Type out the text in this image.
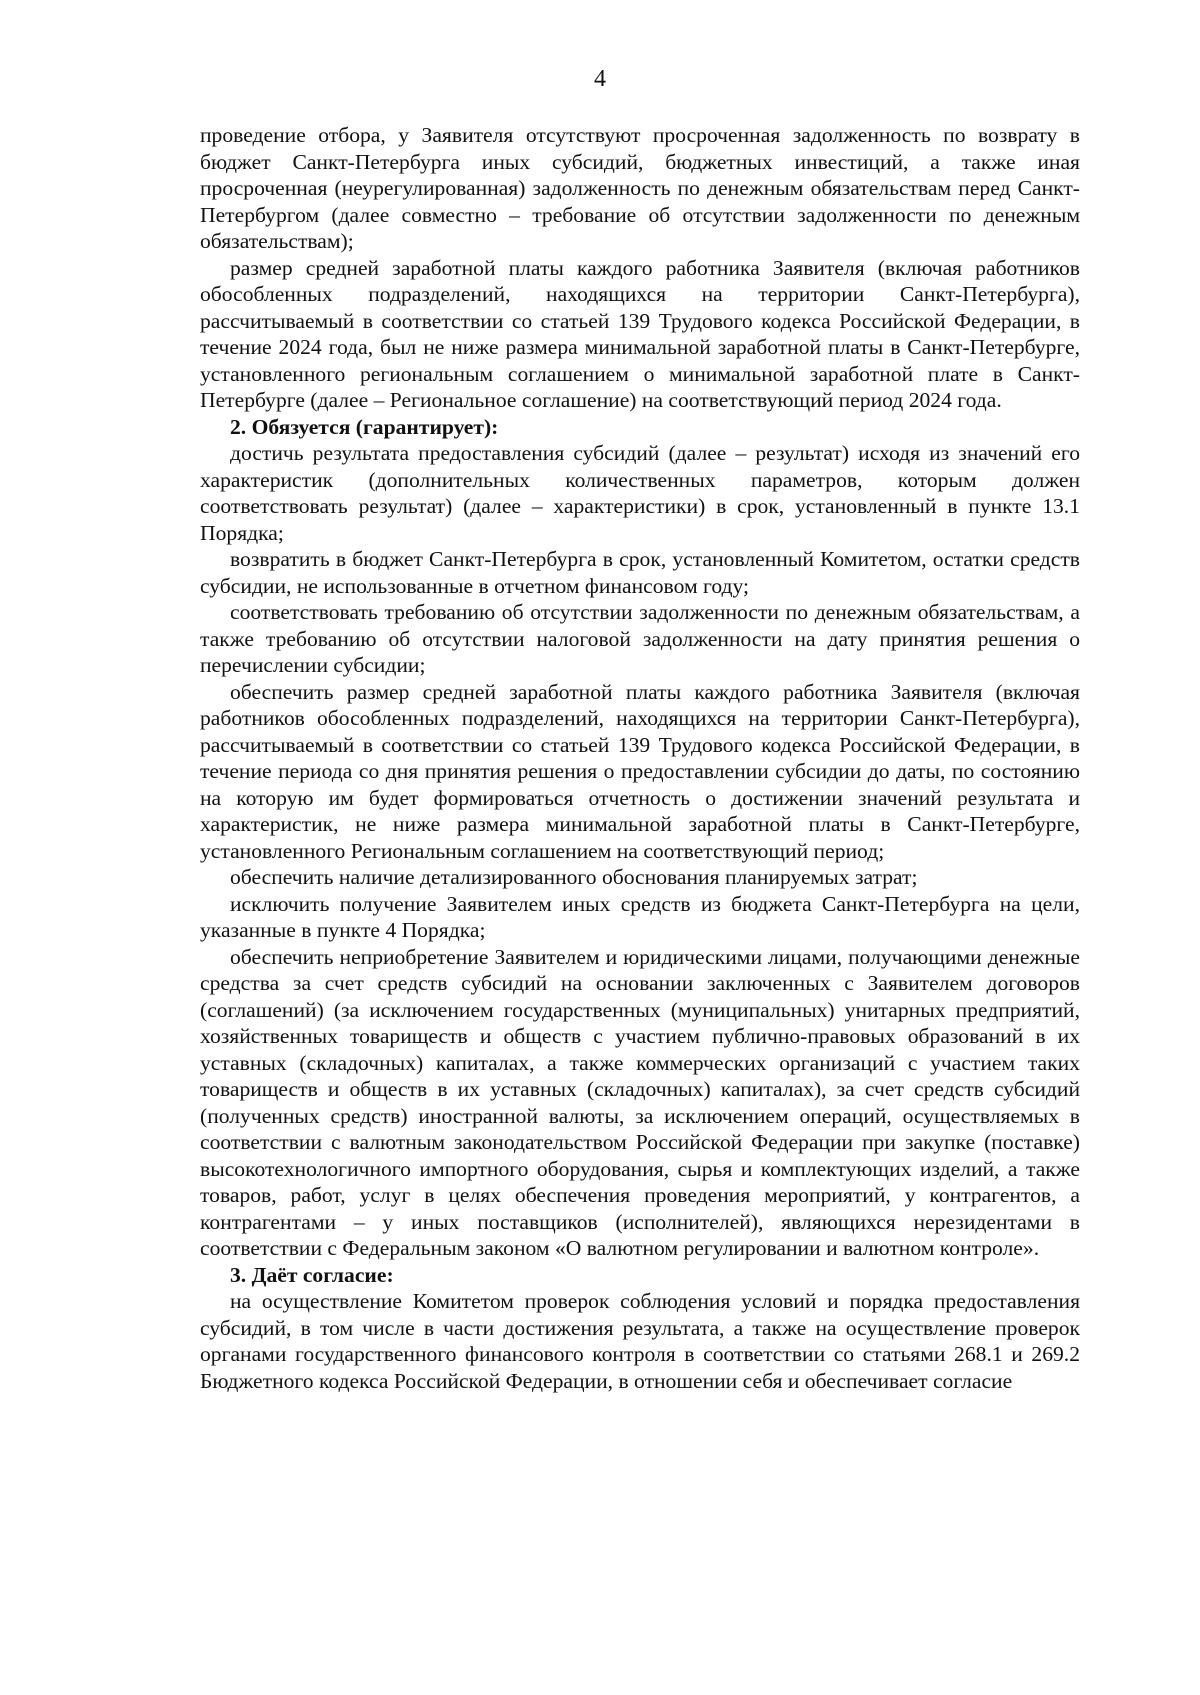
4

проведение отбора, у Заявителя отсутствуют просроченная задолженность по возврату в бюджет Санкт-Петербурга иных субсидий, бюджетных инвестиций, а также иная просроченная (неурегулированная) задолженность по денежным обязательствам перед Санкт-Петербургом (далее совместно – требование об отсутствии задолженности по денежным обязательствам);

размер средней заработной платы каждого работника Заявителя (включая работников обособленных подразделений, находящихся на территории Санкт-Петербурга), рассчитываемый в соответствии со статьей 139 Трудового кодекса Российской Федерации, в течение 2024 года, был не ниже размера минимальной заработной платы в Санкт-Петербурге, установленного региональным соглашением о минимальной заработной плате в Санкт-Петербурге (далее – Региональное соглашение) на соответствующий период 2024 года.

2. Обязуется (гарантирует):

достичь результата предоставления субсидий (далее – результат) исходя из значений его характеристик (дополнительных количественных параметров, которым должен соответствовать результат) (далее – характеристики) в срок, установленный в пункте 13.1 Порядка;

возвратить в бюджет Санкт-Петербурга в срок, установленный Комитетом, остатки средств субсидии, не использованные в отчетном финансовом году;

соответствовать требованию об отсутствии задолженности по денежным обязательствам, а также требованию об отсутствии налоговой задолженности на дату принятия решения о перечислении субсидии;

обеспечить размер средней заработной платы каждого работника Заявителя (включая работников обособленных подразделений, находящихся на территории Санкт-Петербурга), рассчитываемый в соответствии со статьей 139 Трудового кодекса Российской Федерации, в течение периода со дня принятия решения о предоставлении субсидии до даты, по состоянию на которую им будет формироваться отчетность о достижении значений результата и характеристик, не ниже размера минимальной заработной платы в Санкт-Петербурге, установленного Региональным соглашением на соответствующий период;

обеспечить наличие детализированного обоснования планируемых затрат;

исключить получение Заявителем иных средств из бюджета Санкт-Петербурга на цели, указанные в пункте 4 Порядка;

обеспечить неприобретение Заявителем и юридическими лицами, получающими денежные средства за счет средств субсидий на основании заключенных с Заявителем договоров (соглашений) (за исключением государственных (муниципальных) унитарных предприятий, хозяйственных товариществ и обществ с участием публично-правовых образований в их уставных (складочных) капиталах, а также коммерческих организаций с участием таких товариществ и обществ в их уставных (складочных) капиталах), за счет средств субсидий (полученных средств) иностранной валюты, за исключением операций, осуществляемых в соответствии с валютным законодательством Российской Федерации при закупке (поставке) высокотехнологичного импортного оборудования, сырья и комплектующих изделий, а также товаров, работ, услуг в целях обеспечения проведения мероприятий, у контрагентов, а контрагентами – у иных поставщиков (исполнителей), являющихся нерезидентами в соответствии с Федеральным законом «О валютном регулировании и валютном контроле».

3. Даёт согласие:

на осуществление Комитетом проверок соблюдения условий и порядка предоставления субсидий, в том числе в части достижения результата, а также на осуществление проверок органами государственного финансового контроля в соответствии со статьями 268.1 и 269.2 Бюджетного кодекса Российской Федерации, в отношении себя и обеспечивает согласие
